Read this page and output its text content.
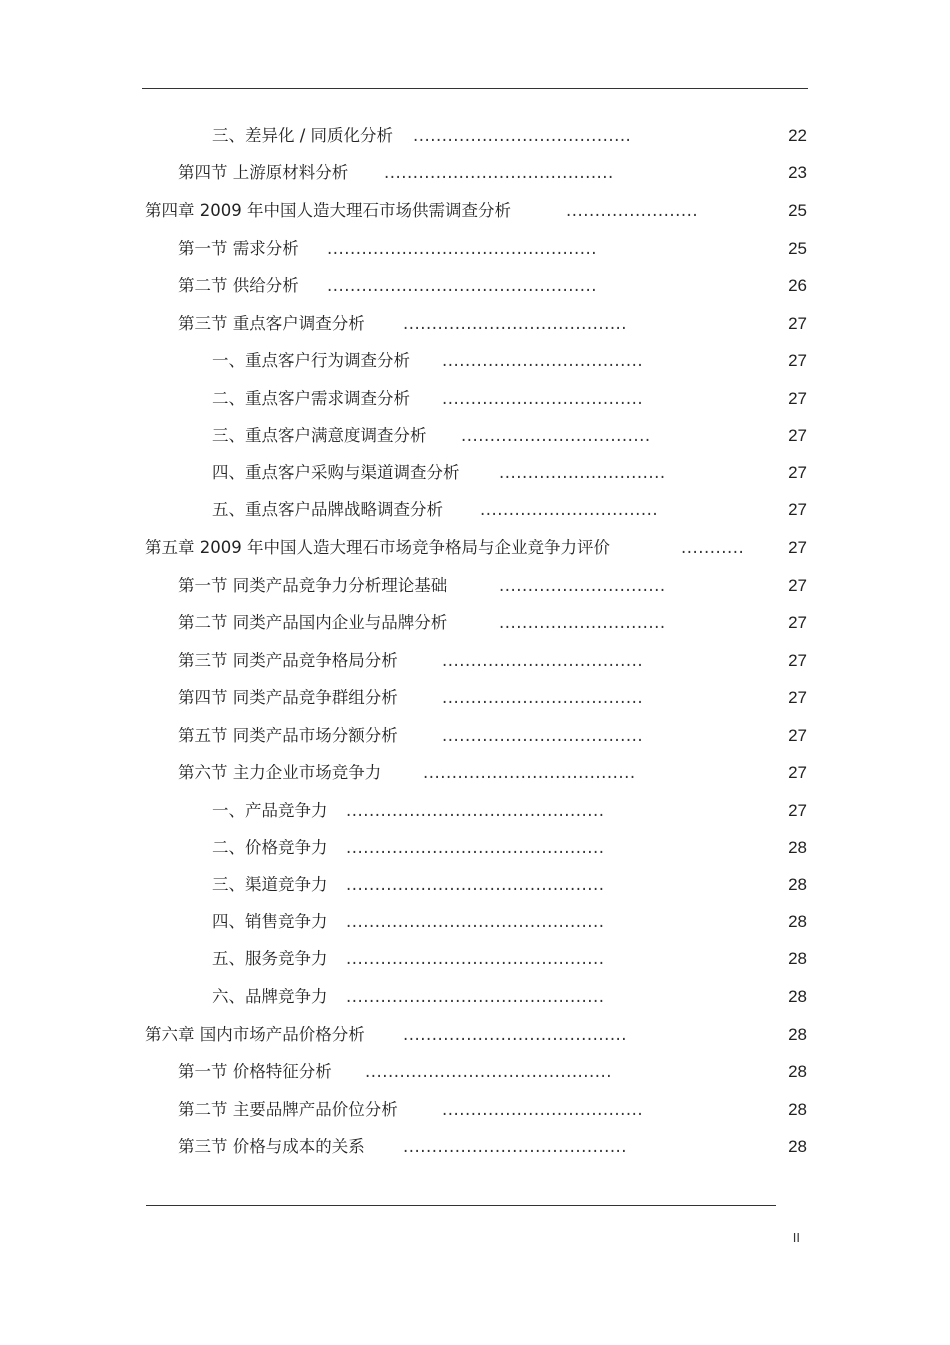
三、差异化 / 同质化分析 ......................................	22
第四节 上游原材料分析 ........................................	23
第四章 2009 年中国人造大理石市场供需调查分析	.......................	25
第一节 需求分析 ...............................................	25
第二节 供给分析 ...............................................	26
第三节 重点客户调查分析 .......................................	27
一、重点客户行为调查分析 ...................................	27
二、重点客户需求调查分析 ...................................	27
三、重点客户满意度调查分析 .................................	27
四、重点客户采购与渠道调查分析 .............................	27
五、重点客户品牌战略调查分析 ...............................	27
第五章 2009 年中国人造大理石市场竞争格局与企业竞争力评价	...........	27
第一节 同类产品竞争力分析理论基础	.............................	27
第二节 同类产品国内企业与品牌分析	.............................	27
第三节 同类产品竞争格局分析	...................................	27
第四节 同类产品竞争群组分析	...................................	27
第五节 同类产品市场分额分析	...................................	27
第六节 主力企业市场竞争力	.....................................	27
一、产品竞争力 .............................................	27
二、价格竞争力 .............................................	28
三、渠道竞争力 .............................................	28
四、销售竞争力 .............................................	28
五、服务竞争力 .............................................	28
六、品牌竞争力 .............................................	28
第六章 国内市场产品价格分析 .......................................	28
第一节 价格特征分析 ...........................................	28
第二节 主要品牌产品价位分析	...................................	28
第三节 价格与成本的关系 .......................................	28
II
